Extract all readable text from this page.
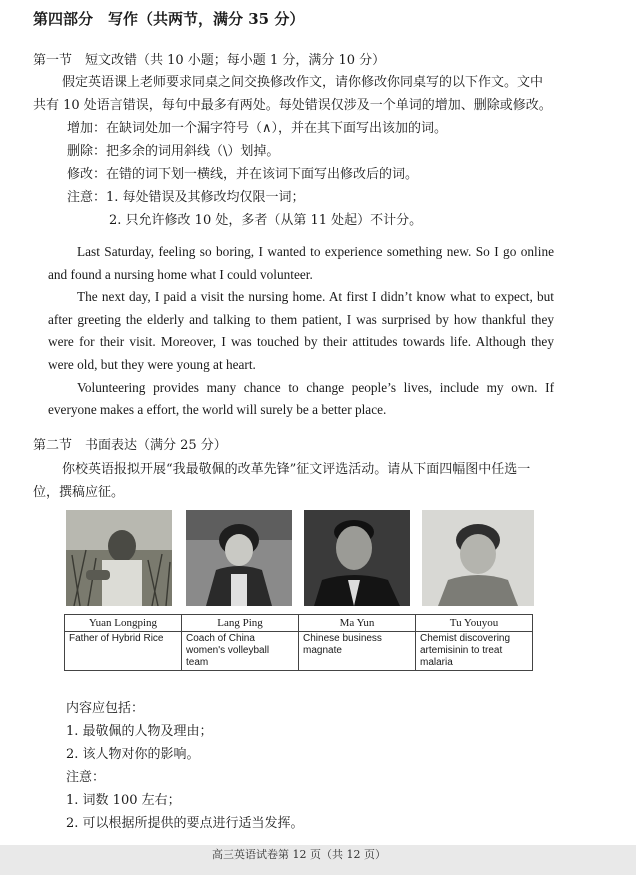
第四部分　写作（共两节，满分 35 分）
第一节　短文改错（共 10 小题；每小题 1 分，满分 10 分）
假定英语课上老师要求同桌之间交换修改作文，请你修改你同桌写的以下作文。文中
共有 10 处语言错误，每句中最多有两处。每处错误仅涉及一个单词的增加、删除或修改。
增加：在缺词处加一个漏字符号（∧），并在其下面写出该加的词。
删除：把多余的词用斜线（\）划掉。
修改：在错的词下划一横线，并在该词下面写出修改后的词。
注意：1. 每处错误及其修改均仅限一词；
2. 只允许修改 10 处，多者（从第 11 处起）不计分。

Last Saturday, feeling so boring, I wanted to experience something new. So I go online and found a nursing home what I could volunteer.

The next day, I paid a visit the nursing home. At first I didn’t know what to expect, but after greeting the elderly and talking to them patient, I was surprised by how thankful they were for their visit. Moreover, I was touched by their attitudes towards life. Although they were old, but they were young at heart.

Volunteering provides many chance to change people’s lives, include my own. If everyone makes a effort, the world will surely be a better place.

第二节　书面表达（满分 25 分）
你校英语报拟开展“我最敬佩的改革先锋”征文评选活动。请从下面四幅图中任选一
位，撰稿应征。
Yuan Longping	Lang Ping	Ma Yun	Tu Youyou
Father of Hybrid Rice	Coach of China women's volleyball team	Chinese business magnate	Chemist discovering artemisinin to treat malaria
内容应包括：
1. 最敬佩的人物及理由；
2. 该人物对你的影响。
注意：
1. 词数 100 左右；
2. 可以根据所提供的要点进行适当发挥。
高三英语试卷第 12 页（共 12 页）
